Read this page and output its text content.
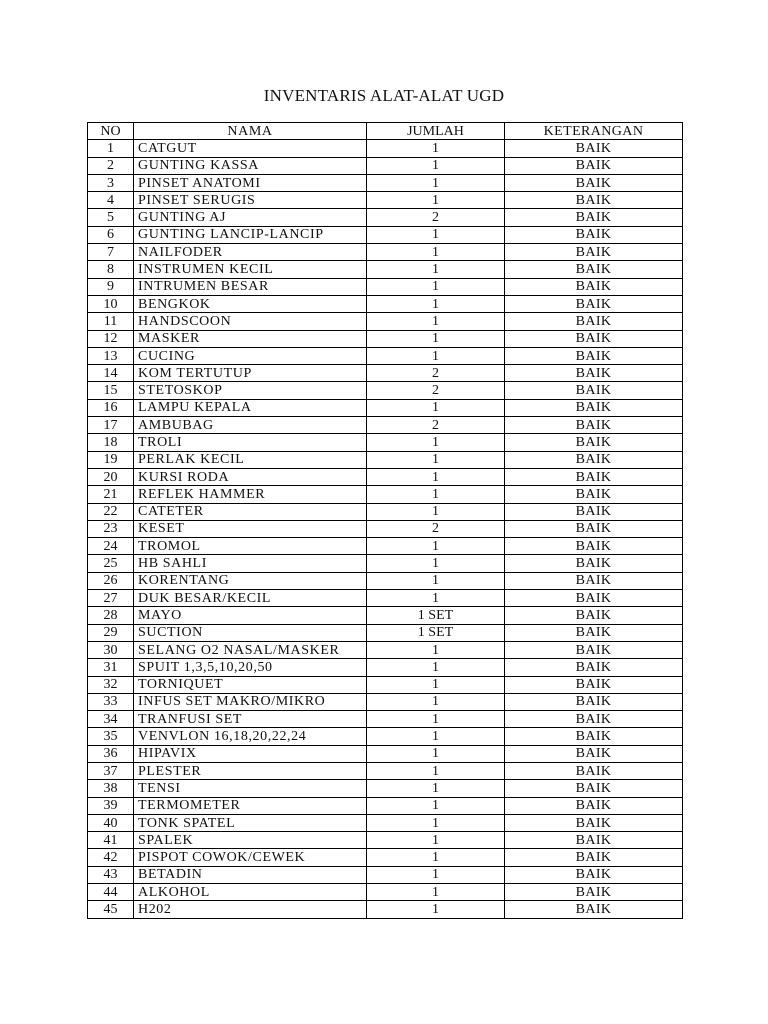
INVENTARIS ALAT-ALAT UGD
NO	NAMA	JUMLAH	KETERANGAN
1	CATGUT	1	BAIK
2	GUNTING KASSA	1	BAIK
3	PINSET ANATOMI	1	BAIK
4	PINSET SERUGIS	1	BAIK
5	GUNTING AJ	2	BAIK
6	GUNTING LANCIP-LANCIP	1	BAIK
7	NAILFODER	1	BAIK
8	INSTRUMEN KECIL	1	BAIK
9	INTRUMEN BESAR	1	BAIK
10	BENGKOK	1	BAIK
11	HANDSCOON	1	BAIK
12	MASKER	1	BAIK
13	CUCING	1	BAIK
14	KOM TERTUTUP	2	BAIK
15	STETOSKOP	2	BAIK
16	LAMPU KEPALA	1	BAIK
17	AMBUBAG	2	BAIK
18	TROLI	1	BAIK
19	PERLAK KECIL	1	BAIK
20	KURSI RODA	1	BAIK
21	REFLEK HAMMER	1	BAIK
22	CATETER	1	BAIK
23	KESET	2	BAIK
24	TROMOL	1	BAIK
25	HB SAHLI	1	BAIK
26	KORENTANG	1	BAIK
27	DUK BESAR/KECIL	1	BAIK
28	MAYO	1 SET	BAIK
29	SUCTION	1 SET	BAIK
30	SELANG O2 NASAL/MASKER	1	BAIK
31	SPUIT 1,3,5,10,20,50	1	BAIK
32	TORNIQUET	1	BAIK
33	INFUS SET MAKRO/MIKRO	1	BAIK
34	TRANFUSI SET	1	BAIK
35	VENVLON 16,18,20,22,24	1	BAIK
36	HIPAVIX	1	BAIK
37	PLESTER	1	BAIK
38	TENSI	1	BAIK
39	TERMOMETER	1	BAIK
40	TONK SPATEL	1	BAIK
41	SPALEK	1	BAIK
42	PISPOT COWOK/CEWEK	1	BAIK
43	BETADIN	1	BAIK
44	ALKOHOL	1	BAIK
45	H202	1	BAIK
